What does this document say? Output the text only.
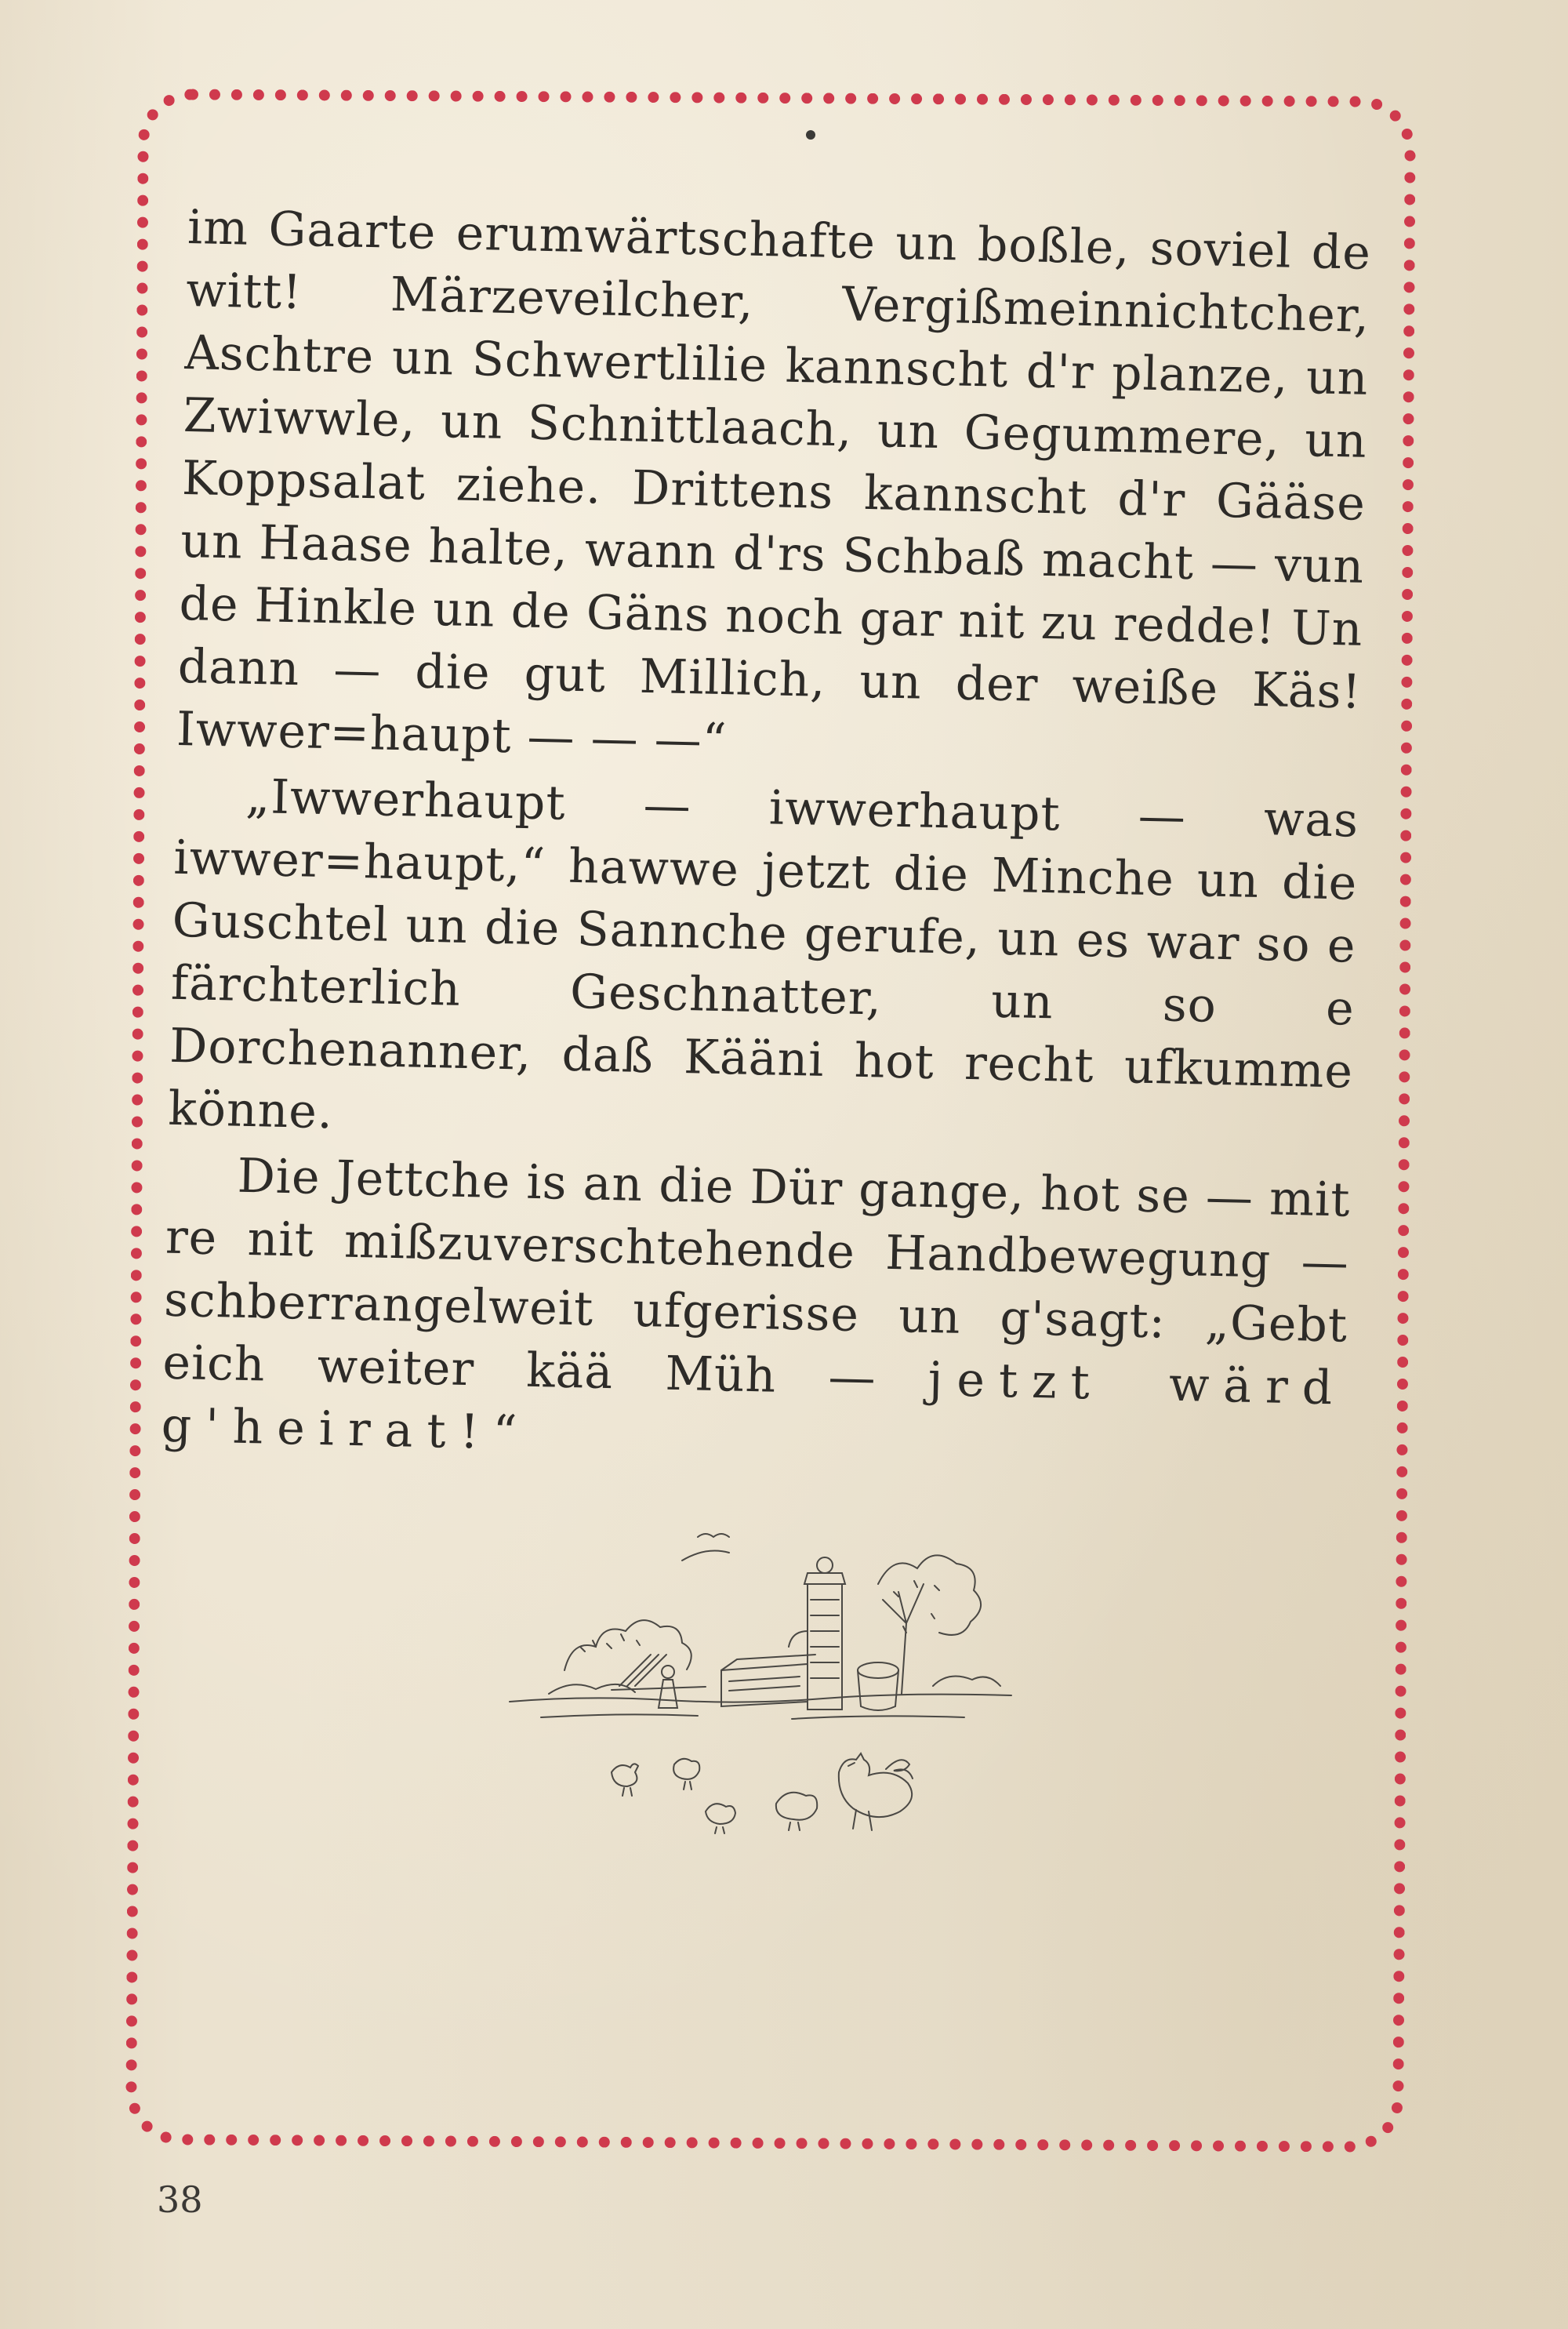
im Gaarte erumwärtschafte un boßle, soviel de witt! Märzeveilcher, Vergißmeinnichtcher, Aschtre un Schwertlilie kannscht d'r planze, un Zwiwwle, un Schnittlaach, un Gegummere, un Koppsalat ziehe. Drittens kannscht d'r Gääse un Haase halte, wann d'rs Schbaß macht — vun de Hinkle un de Gäns noch gar nit zu redde! Un dann — die gut Millich, un der weiße Käs! Iwwer=haupt — — —“

„Iwwerhaupt — iwwerhaupt — was iwwer=haupt,“ hawwe jetzt die Minche un die Guschtel un die Sannche gerufe, un es war so e färchterlich Geschnatter, un so e Dorchenanner, daß Kääni hot recht ufkumme könne.

Die Jettche is an die Dür gange, hot se — mit re nit mißzuverschtehende Handbewegung — schberrangelweit ufgerisse un g'sagt: „Gebt eich weiter kää Müh — jetzt wärd g'heirat!“

38
